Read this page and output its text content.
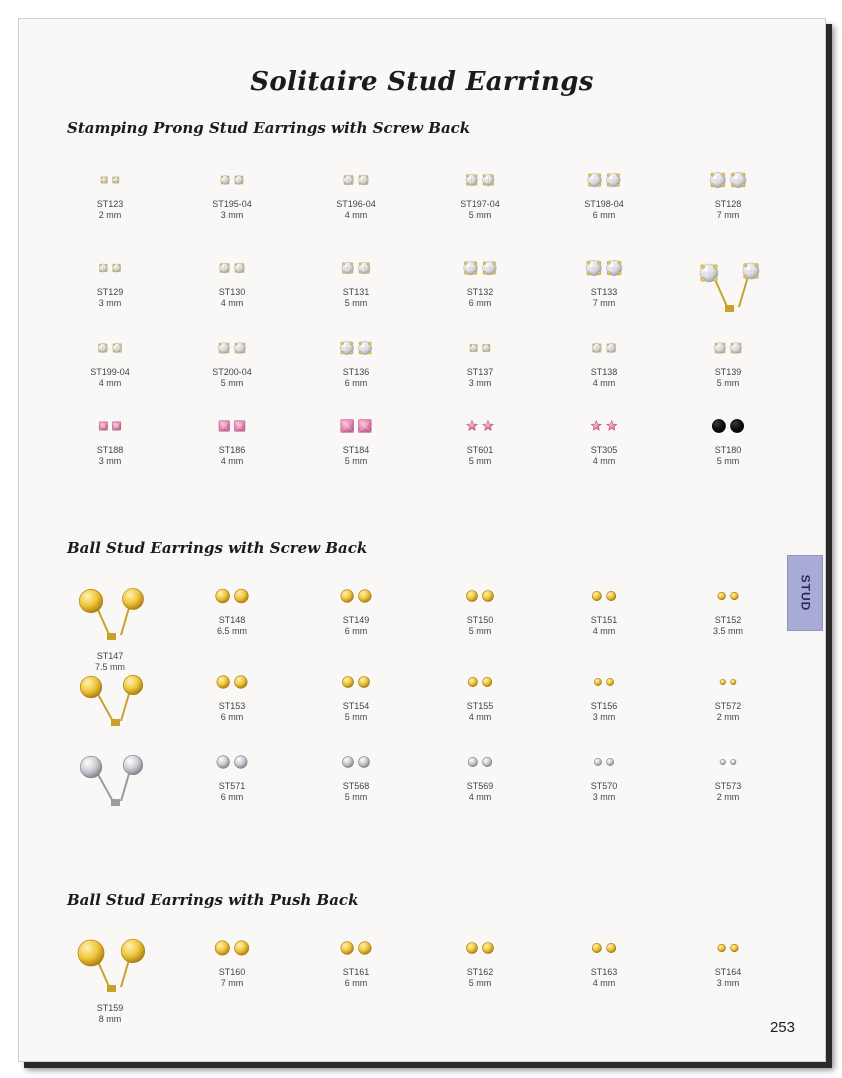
Solitaire Stud Earrings
Stamping Prong Stud Earrings with Screw Back
Ball Stud Earrings with Screw Back
Ball Stud Earrings with Push Back
ST123
2 mm
ST195-04
3 mm
ST196-04
4 mm
ST197-04
5 mm
ST198-04
6 mm
ST128
7 mm
ST129
3 mm
ST130
4 mm
ST131
5 mm
ST132
6 mm
ST133
7 mm
ST199-04
4 mm
ST200-04
5 mm
ST136
6 mm
ST137
3 mm
ST138
4 mm
ST139
5 mm
ST188
3 mm
ST186
4 mm
ST184
5 mm
ST601
5 mm
ST305
4 mm
ST180
5 mm
ST147
7.5 mm
ST148
6.5 mm
ST149
6 mm
ST150
5 mm
ST151
4 mm
ST152
3.5 mm
ST153
6 mm
ST154
5 mm
ST155
4 mm
ST156
3 mm
ST572
2 mm
ST571
6 mm
ST568
5 mm
ST569
4 mm
ST570
3 mm
ST573
2 mm
ST159
8 mm
ST160
7 mm
ST161
6 mm
ST162
5 mm
ST163
4 mm
ST164
3 mm
STUD
253
